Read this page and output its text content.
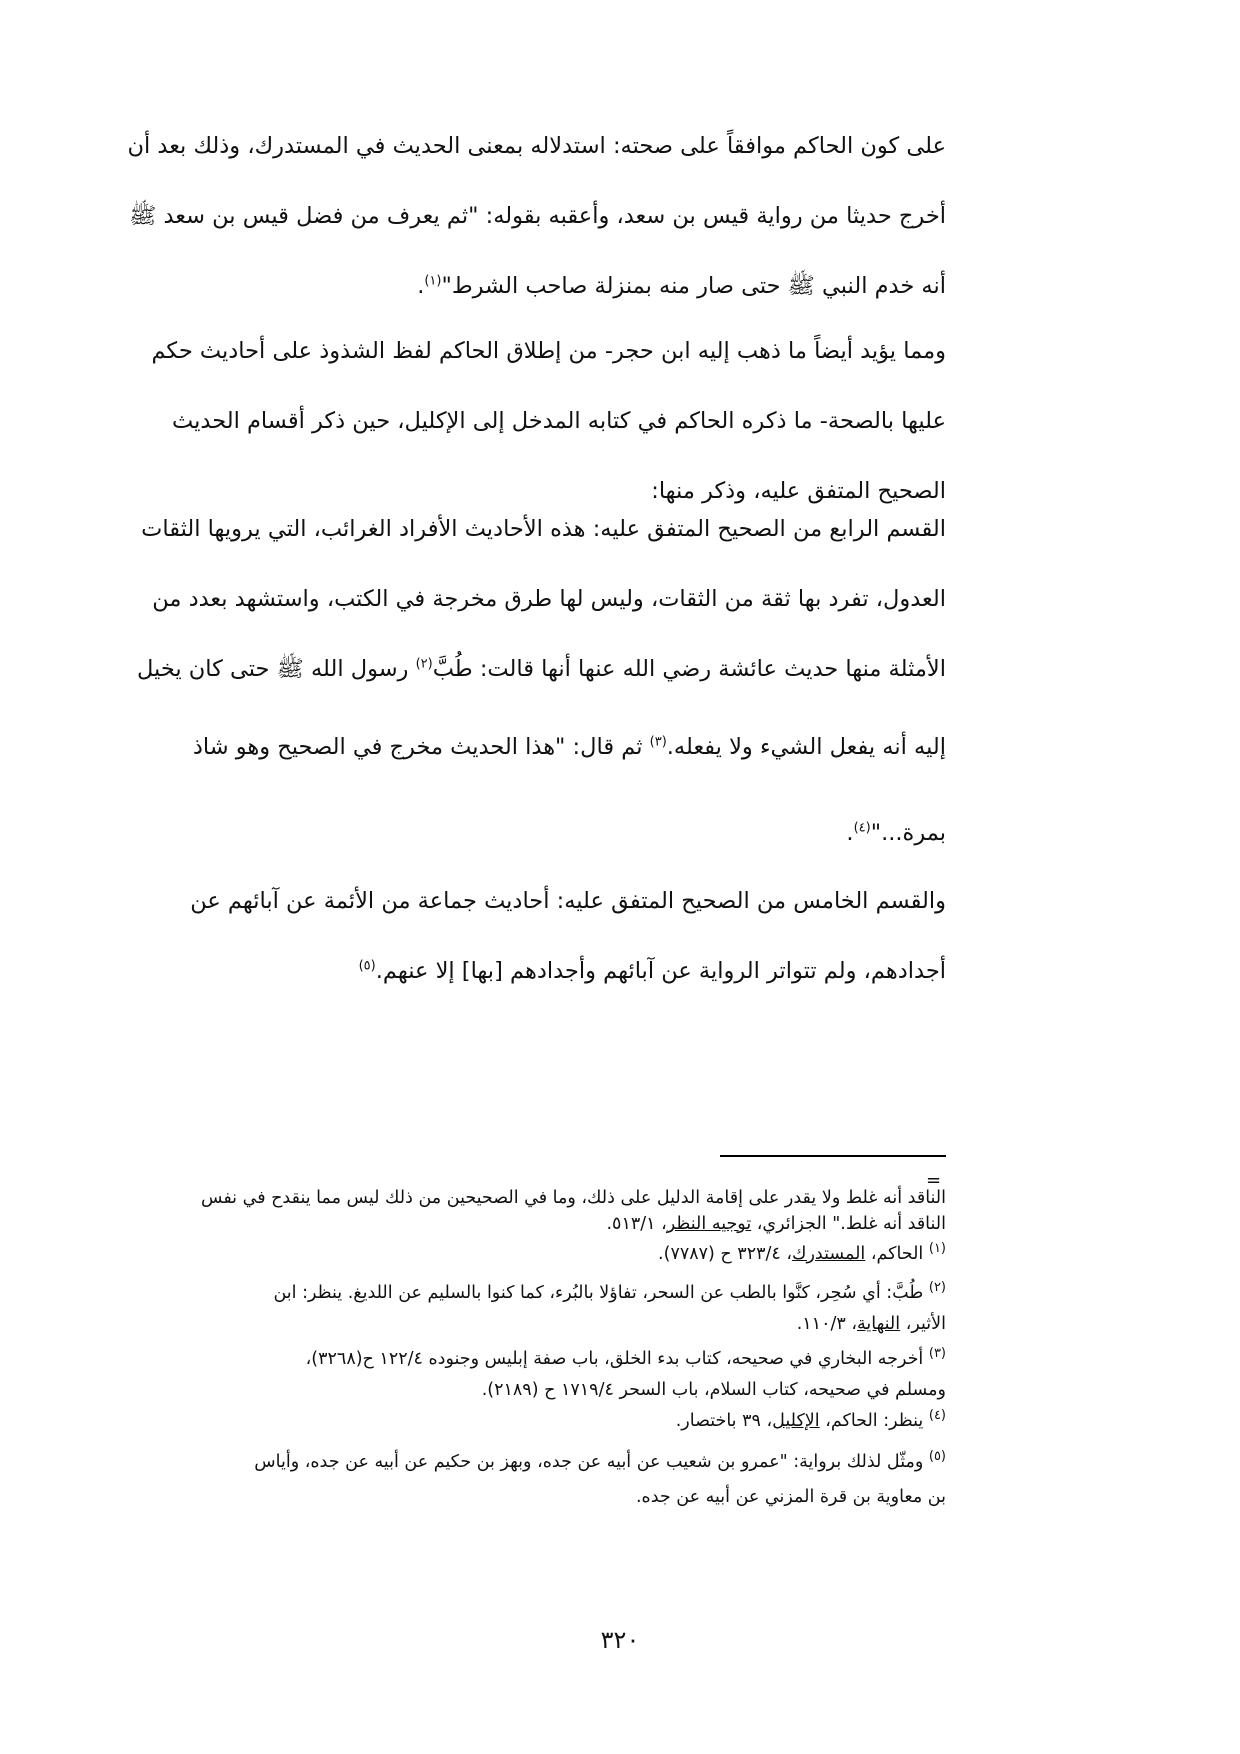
على كون الحاكم موافقاً على صحته: استدلاله بمعنى الحديث في المستدرك، وذلك بعد أن
أخرج حديثا من رواية قيس بن سعد، وأعقبه بقوله: "ثم يعرف من فضل قيس بن سعد ﷺ
أنه خدم النبي ﷺ حتى صار منه بمنزلة صاحب الشرط"$^{(١)}$.
ومما يؤيد أيضاً ما ذهب إليه ابن حجر- من إطلاق الحاكم لفظ الشذوذ على أحاديث حكم
عليها بالصحة- ما ذكره الحاكم في كتابه المدخل إلى الإكليل، حين ذكر أقسام الحديث
الصحيح المتفق عليه، وذكر منها:
القسم الرابع من الصحيح المتفق عليه: هذه الأحاديث الأفراد الغرائب، التي يرويها الثقات
العدول، تفرد بها ثقة من الثقات، وليس لها طرق مخرجة في الكتب، واستشهد بعدد من
الأمثلة منها حديث عائشة رضي الله عنها أنها قالت: طُبَّ$^{(٢)}$ رسول الله ﷺ حتى كان يخيل
إليه أنه يفعل الشيء ولا يفعله.$^{(٣)}$ ثم قال: "هذا الحديث مخرج في الصحيح وهو شاذ
بمرة..."$^{(٤)}$.
والقسم الخامس من الصحيح المتفق عليه: أحاديث جماعة من الأئمة عن آبائهم عن
أجدادهم، ولم تتواتر الرواية عن آبائهم وأجدادهم [بها] إلا عنهم.$^{(٥)}$
=
الناقد أنه غلط ولا يقدر على إقامة الدليل على ذلك، وما في الصحيحين من ذلك ليس مما ينقدح في نفس
الناقد أنه غلط." الجزائري، توجيه النظر، ٥١٣/١.
$^{(١)}$ الحاكم، المستدرك، ٣٢٣/٤ ح (٧٧٨٧).
$^{(٢)}$ طُبَّ: أي سُحِر، كنَّوا بالطب عن السحر، تفاؤلا بالبُرء، كما كنوا بالسليم عن اللديغ. ينظر: ابن
الأثير، النهاية، ١١٠/٣.
$^{(٣)}$ أخرجه البخاري في صحيحه، كتاب بدء الخلق، باب صفة إبليس وجنوده ١٢٢/٤ ح(٣٢٦٨)،
ومسلم في صحيحه، كتاب السلام، باب السحر ١٧١٩/٤ ح (٢١٨٩).
$^{(٤)}$ ينظر: الحاكم، الإكليل، ٣٩ باختصار.
$^{(٥)}$ ومثّل لذلك برواية: "عمرو بن شعيب عن أبيه عن جده، وبهز بن حكيم عن أبيه عن جده، وأياس
بن معاوية بن قرة المزني عن أبيه عن جده.
٣٢٠
